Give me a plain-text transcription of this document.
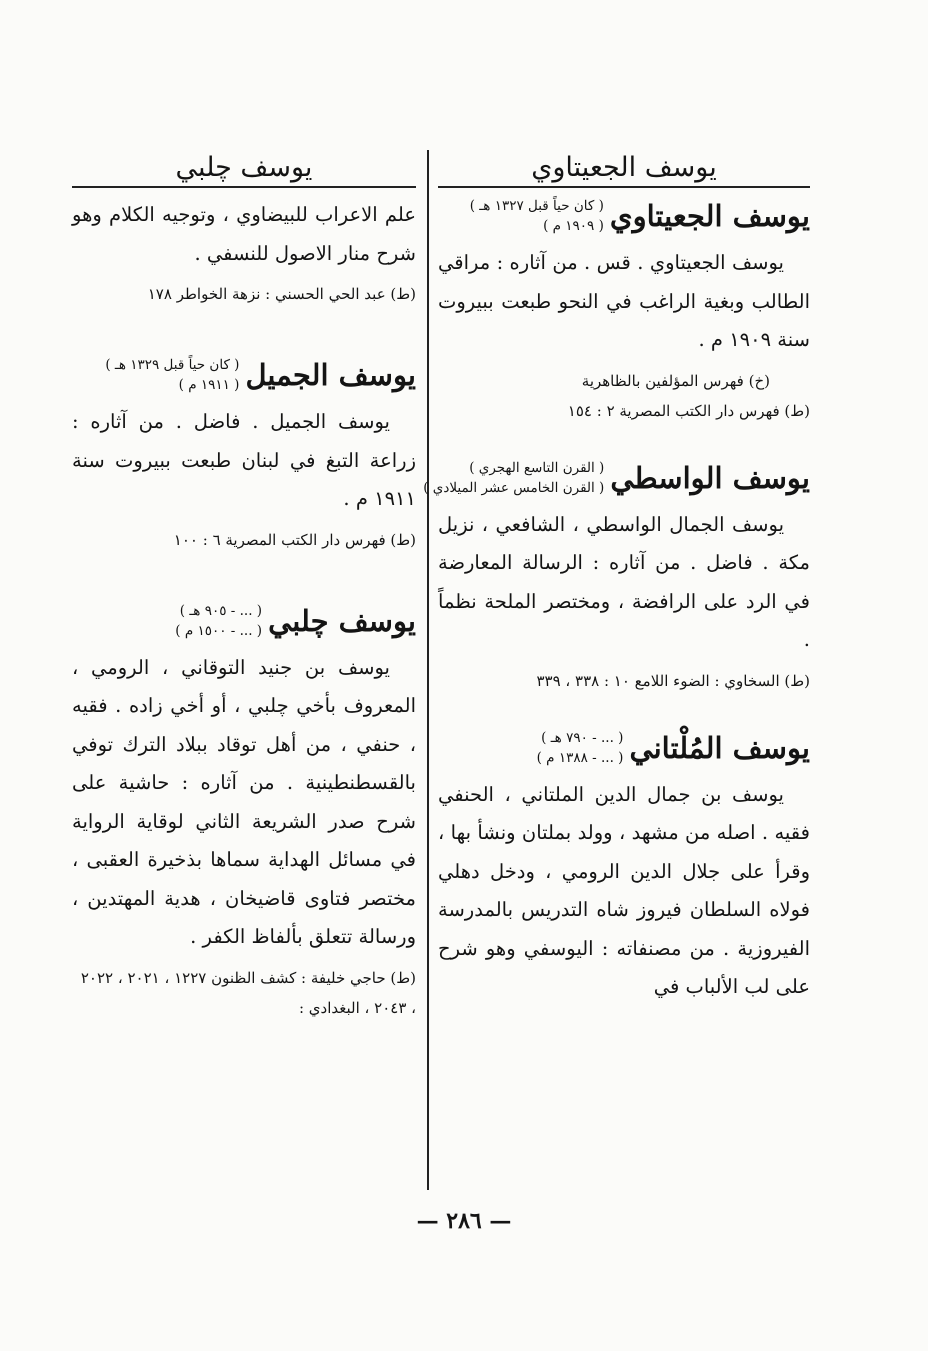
يوسف الجعيتاوي
يوسف الجعيتاوي
( كان حياً قبل ١٣٢٧ هـ )
( ١٩٠٩ م )

يوسف الجعيتاوي . قس . من آثاره : مراقي الطالب وبغية الراغب في النحو طبعت ببيروت سنة ١٩٠٩ م .

(خ) فهرس المؤلفين بالظاهرية

(ط) فهرس دار الكتب المصرية ٢ : ١٥٤

يوسف الواسطي
( القرن التاسع الهجري )
( القرن الخامس عشر الميلادي )

يوسف الجمال الواسطي ، الشافعي ، نزيل مكة . فاضل . من آثاره : الرسالة المعارضة في الرد على الرافضة ، ومختصر الملحة نظماً .

(ط) السخاوي : الضوء اللامع ١٠ : ٣٣٨ ، ٣٣٩

يوسف المُلْتاني
( ... - ٧٩٠ هـ )
( ... - ١٣٨٨ م )

يوسف بن جمال الدين الملتاني ، الحنفي فقيه . اصله من مشهد ، وولد بملتان ونشأ بها ، وقرأ على جلال الدين الرومي ، ودخل دهلي فولاه السلطان فيروز شاه التدريس بالمدرسة الفيروزية . من مصنفاته : اليوسفي وهو شرح على لب الألباب في

يوسف چلبي

علم الاعراب للبيضاوي ، وتوجيه الكلام وهو شرح منار الاصول للنسفي .

(ط) عبد الحي الحسني : نزهة الخواطر ١٧٨

يوسف الجميل
( كان حياً قبل ١٣٢٩ هـ )
( ١٩١١ م )

يوسف الجميل . فاضل . من آثاره : زراعة التبغ في لبنان طبعت ببيروت سنة ١٩١١ م .

(ط) فهرس دار الكتب المصرية ٦ : ١٠٠

يوسف چلبي
( ... - ٩٠٥ هـ )
( ... - ١٥٠٠ م )

يوسف بن جنيد التوقاني ، الرومي ، المعروف بأخي چلبي ، أو أخي زاده . فقيه ، حنفي ، من أهل توقاد ببلاد الترك توفي بالقسطنطينية . من آثاره : حاشية على شرح صدر الشريعة الثاني لوقاية الرواية في مسائل الهداية سماها بذخيرة العقبى ، مختصر فتاوى قاضيخان ، هدية المهتدين ، ورسالة تتعلق بألفاظ الكفر .

(ط) حاجي خليفة : كشف الظنون ١٢٢٧ ، ٢٠٢١ ، ٢٠٢٢ ، ٢٠٤٣ ، البغدادي :

— ٢٨٦ —
